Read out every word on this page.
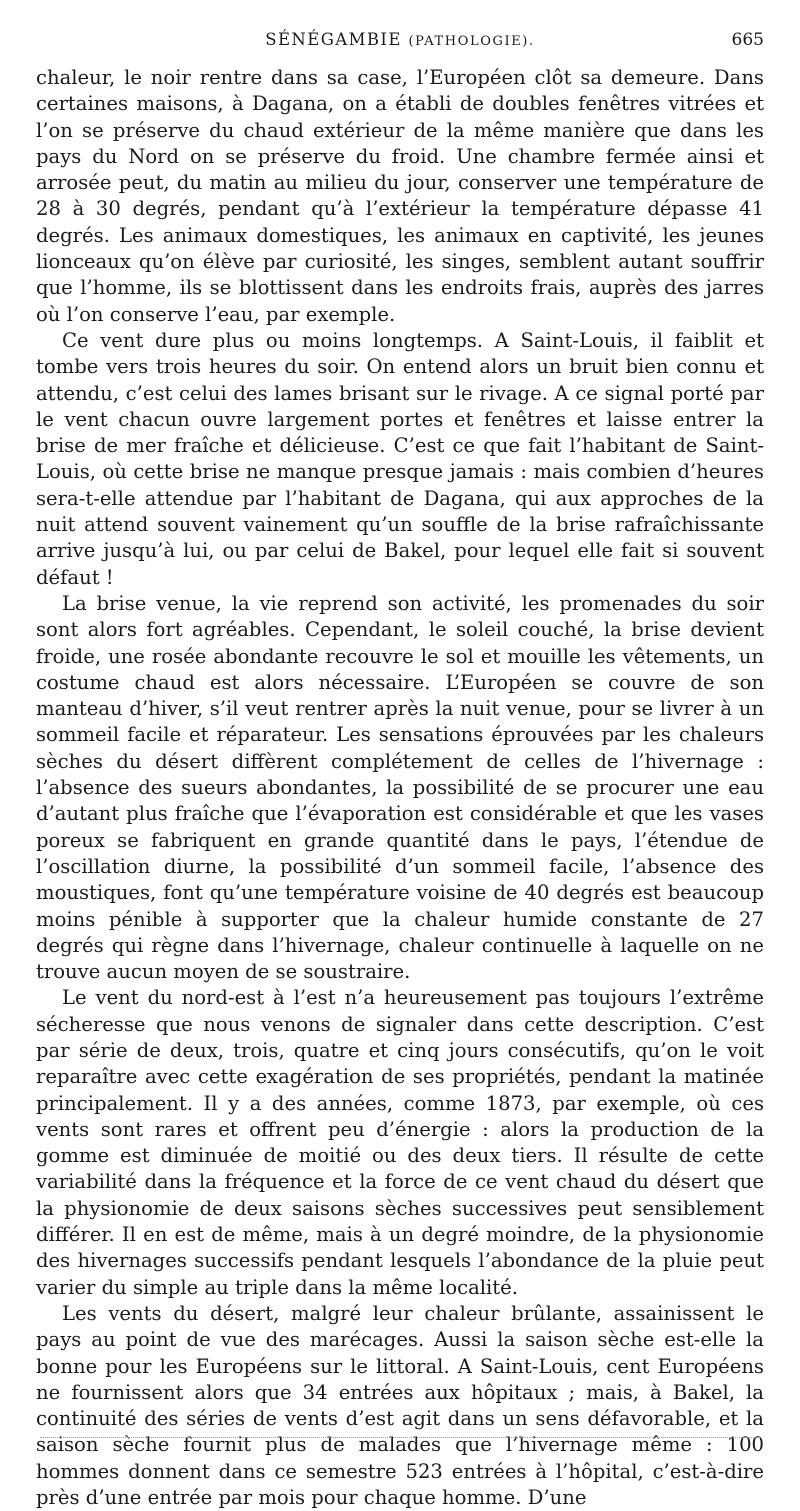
SÉNÉGAMBIE (PATHOLOGIE).	665

chaleur, le noir rentre dans sa case, l’Européen clôt sa demeure. Dans certaines maisons, à Dagana, on a établi de doubles fenêtres vitrées et l’on se préserve du chaud extérieur de la même manière que dans les pays du Nord on se préserve du froid. Une chambre fermée ainsi et arrosée peut, du matin au milieu du jour, conserver une température de 28 à 30 degrés, pendant qu’à l’extérieur la température dépasse 41 degrés. Les animaux domestiques, les animaux en captivité, les jeunes lionceaux qu’on élève par curiosité, les singes, semblent autant souffrir que l’homme, ils se blottissent dans les endroits frais, auprès des jarres où l’on conserve l’eau, par exemple.

Ce vent dure plus ou moins longtemps. A Saint-Louis, il faiblit et tombe vers trois heures du soir. On entend alors un bruit bien connu et attendu, c’est celui des lames brisant sur le rivage. A ce signal porté par le vent chacun ouvre largement portes et fenêtres et laisse entrer la brise de mer fraîche et délicieuse. C’est ce que fait l’habitant de Saint-Louis, où cette brise ne manque presque jamais : mais combien d’heures sera-t-elle attendue par l’habitant de Dagana, qui aux approches de la nuit attend souvent vainement qu’un souffle de la brise rafraîchissante arrive jusqu’à lui, ou par celui de Bakel, pour lequel elle fait si souvent défaut !

La brise venue, la vie reprend son activité, les promenades du soir sont alors fort agréables. Cependant, le soleil couché, la brise devient froide, une rosée abondante recouvre le sol et mouille les vêtements, un costume chaud est alors nécessaire. L’Européen se couvre de son manteau d’hiver, s’il veut rentrer après la nuit venue, pour se livrer à un sommeil facile et réparateur. Les sensations éprouvées par les chaleurs sèches du désert diffèrent complétement de celles de l’hivernage : l’absence des sueurs abondantes, la possibilité de se procurer une eau d’autant plus fraîche que l’évaporation est considérable et que les vases poreux se fabriquent en grande quantité dans le pays, l’étendue de l’oscillation diurne, la possibilité d’un sommeil facile, l’absence des moustiques, font qu’une température voisine de 40 degrés est beaucoup moins pénible à supporter que la chaleur humide constante de 27 degrés qui règne dans l’hivernage, chaleur continuelle à laquelle on ne trouve aucun moyen de se soustraire.

Le vent du nord-est à l’est n’a heureusement pas toujours l’extrême sécheresse que nous venons de signaler dans cette description. C’est par série de deux, trois, quatre et cinq jours consécutifs, qu’on le voit reparaître avec cette exagération de ses propriétés, pendant la matinée principalement. Il y a des années, comme 1873, par exemple, où ces vents sont rares et offrent peu d’énergie : alors la production de la gomme est diminuée de moitié ou des deux tiers. Il résulte de cette variabilité dans la fréquence et la force de ce vent chaud du désert que la physionomie de deux saisons sèches successives peut sensiblement différer. Il en est de même, mais à un degré moindre, de la physionomie des hivernages successifs pendant lesquels l’abondance de la pluie peut varier du simple au triple dans la même localité.

Les vents du désert, malgré leur chaleur brûlante, assainissent le pays au point de vue des marécages. Aussi la saison sèche est-elle la bonne pour les Européens sur le littoral. A Saint-Louis, cent Européens ne fournissent alors que 34 entrées aux hôpitaux ; mais, à Bakel, la continuité des séries de vents d’est agit dans un sens défavorable, et la saison sèche fournit plus de malades que l’hivernage même : 100 hommes donnent dans ce semestre 523 entrées à l’hôpital, c’est-à-dire près d’une entrée par mois pour chaque homme. D’une
